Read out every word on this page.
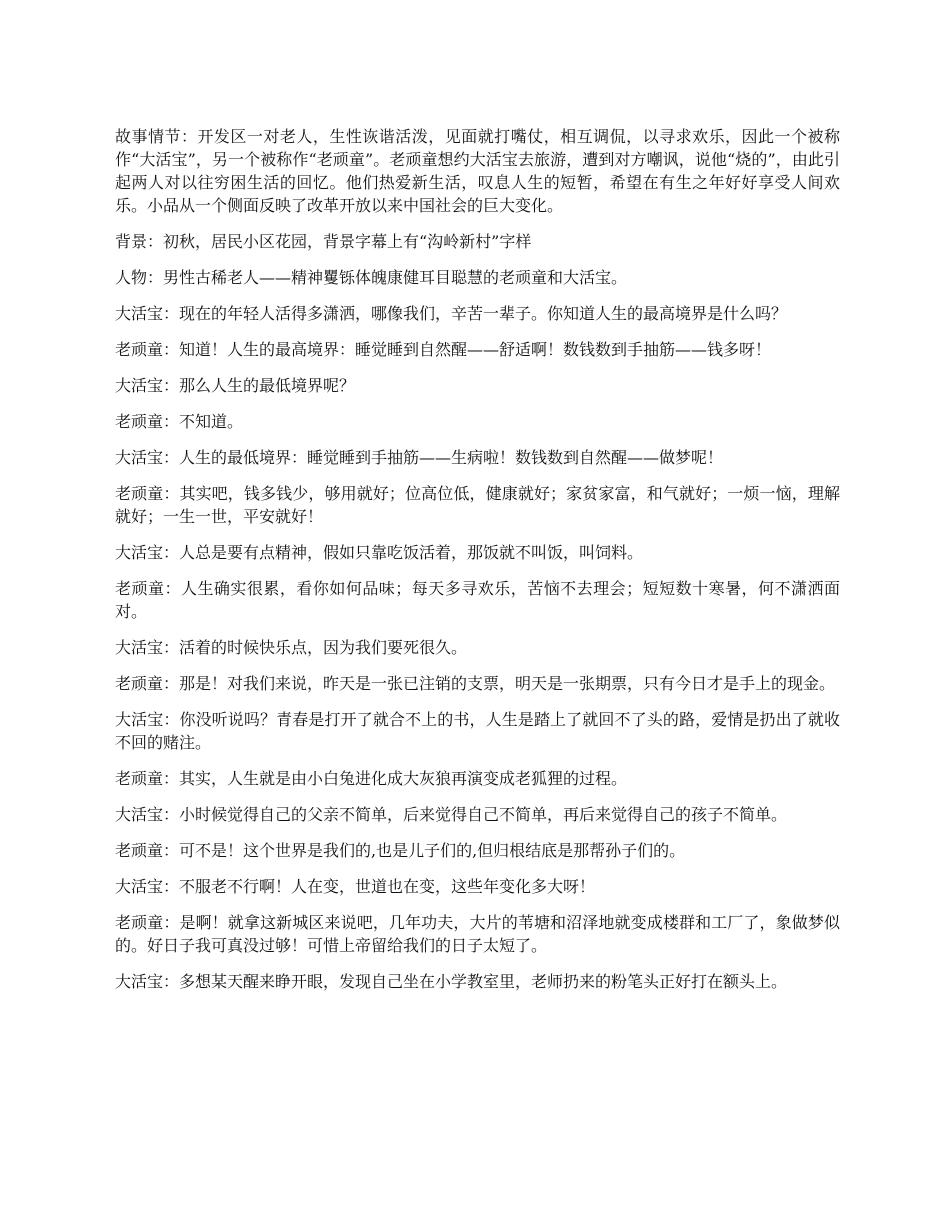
故事情节：开发区一对老人，生性诙谐活泼，见面就打嘴仗，相互调侃，以寻求欢乐，因此一个被称作“大活宝”，另一个被称作“老顽童”。老顽童想约大活宝去旅游，遭到对方嘲讽，说他“烧的”，由此引起两人对以往穷困生活的回忆。他们热爱新生活，叹息人生的短暂，希望在有生之年好好享受人间欢乐。小品从一个侧面反映了改革开放以来中国社会的巨大变化。

背景：初秋，居民小区花园，背景字幕上有“沟岭新村”字样

人物：男性古稀老人——精神矍铄体魄康健耳目聪慧的老顽童和大活宝。

大活宝：现在的年轻人活得多潇洒，哪像我们，辛苦一辈子。你知道人生的最高境界是什么吗？

老顽童：知道！人生的最高境界：睡觉睡到自然醒——舒适啊！数钱数到手抽筋——钱多呀！

大活宝：那么人生的最低境界呢？

老顽童：不知道。

大活宝：人生的最低境界：睡觉睡到手抽筋——生病啦！数钱数到自然醒——做梦呢！

老顽童：其实吧，钱多钱少，够用就好；位高位低，健康就好；家贫家富，和气就好；一烦一恼，理解就好；一生一世，平安就好！

大活宝：人总是要有点精神，假如只靠吃饭活着，那饭就不叫饭，叫饲料。

老顽童：人生确实很累，看你如何品味；每天多寻欢乐，苦恼不去理会；短短数十寒暑，何不潇洒面对。

大活宝：活着的时候快乐点，因为我们要死很久。

老顽童：那是！对我们来说，昨天是一张已注销的支票，明天是一张期票，只有今日才是手上的现金。

大活宝：你没听说吗？青春是打开了就合不上的书，人生是踏上了就回不了头的路，爱情是扔出了就收不回的赌注。

老顽童：其实，人生就是由小白兔进化成大灰狼再演变成老狐狸的过程。

大活宝：小时候觉得自己的父亲不简单，后来觉得自己不简单，再后来觉得自己的孩子不简单。

老顽童：可不是！这个世界是我们的,也是儿子们的,但归根结底是那帮孙子们的。

大活宝：不服老不行啊！人在变，世道也在变，这些年变化多大呀！

老顽童：是啊！就拿这新城区来说吧，几年功夫，大片的苇塘和沼泽地就变成楼群和工厂了，象做梦似的。好日子我可真没过够！可惜上帝留给我们的日子太短了。

大活宝：多想某天醒来睁开眼，发现自己坐在小学教室里，老师扔来的粉笔头正好打在额头上。
